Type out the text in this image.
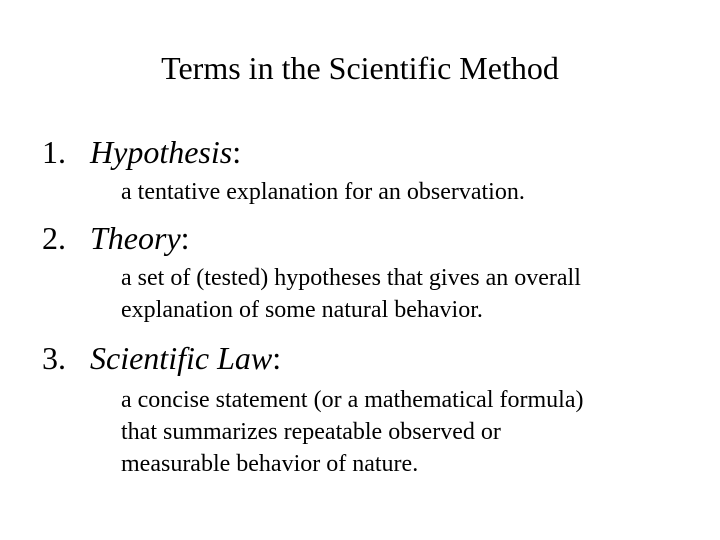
Terms in the Scientific Method
1. Hypothesis:
a tentative explanation for an observation.
2. Theory:
a set of (tested) hypotheses that gives an overall
explanation of some natural behavior.
3. Scientific Law:
a concise statement (or a mathematical formula)
that summarizes repeatable observed or
measurable behavior of nature.
